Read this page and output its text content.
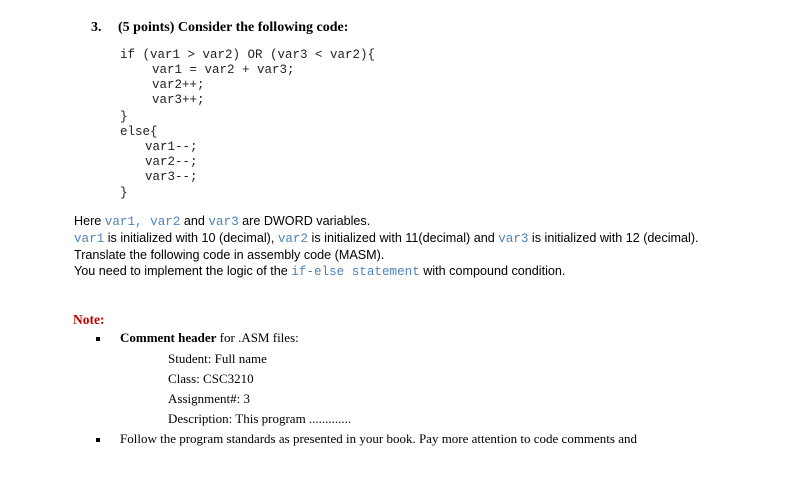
3. (5 points) Consider the following code:
if (var1 > var2) OR (var3 < var2){
var1 = var2 + var3;
var2++;
var3++;
}
else{
var1--;
var2--;
var3--;
}
Here var1, var2 and var3 are DWORD variables.
var1 is initialized with 10 (decimal), var2 is initialized with 11(decimal) and var3 is initialized with 12 (decimal).
Translate the following code in assembly code (MASM).
You need to implement the logic of the if-else statement with compound condition.
Note:
Comment header for .ASM files:
Student: Full name
Class: CSC3210
Assignment#: 3
Description: This program .............
Follow the program standards as presented in your book. Pay more attention to code comments and
